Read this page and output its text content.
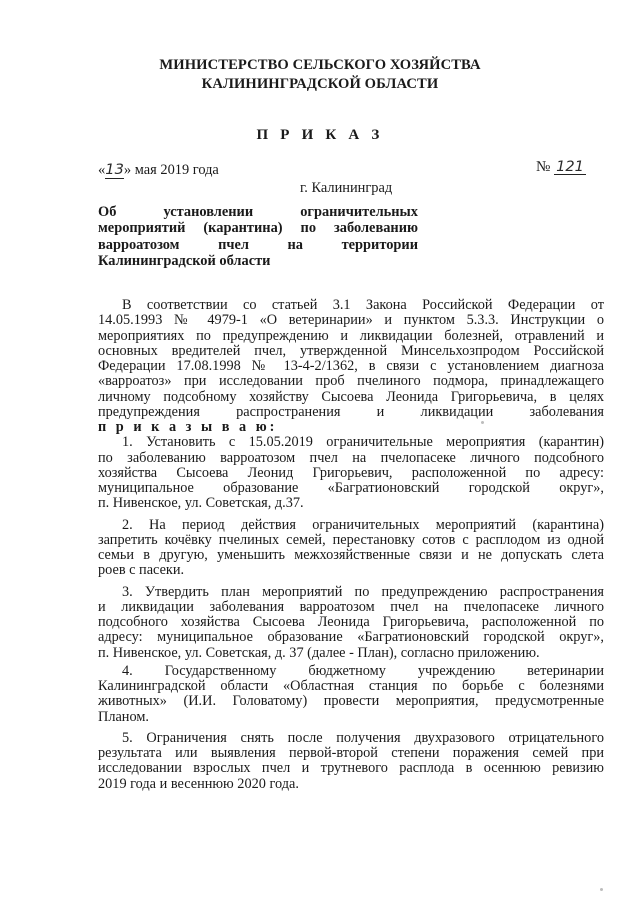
МИНИСТЕРСТВО СЕЛЬСКОГО ХОЗЯЙСТВА
КАЛИНИНГРАДСКОЙ ОБЛАСТИ
П Р И К А З
«13» мая 2019 года	№ 121
г. Калининград
Об установлении ограничительных
мероприятий (карантина) по заболеванию
варроатозом пчел на территории
Калининградской области
В соответствии со статьей 3.1 Закона Российской Федерации от
14.05.1993 № 4979-1 «О ветеринарии» и пунктом 5.3.3. Инструкции о
мероприятиях по предупреждению и ликвидации болезней, отравлений и
основных вредителей пчел, утвержденной Минсельхозпродом Российской
Федерации 17.08.1998 № 13-4-2/1362, в связи с установлением диагноза
«варроатоз» при исследовании проб пчелиного подмора, принадлежащего
личному подсобному хозяйству Сысоева Леонида Григорьевича, в целях
предупреждения распространения и ликвидации заболевания
п р и к а з ы в а ю:
1. Установить с 15.05.2019 ограничительные мероприятия (карантин)
по заболеванию варроатозом пчел на пчелопасеке личного подсобного
хозяйства Сысоева Леонид Григорьевич, расположенной по адресу:
муниципальное образование «Багратионовский городской округ»,
п. Нивенское, ул. Советская, д.37.
2. На период действия ограничительных мероприятий (карантина)
запретить кочёвку пчелиных семей, перестановку сотов с расплодом из одной
семьи в другую, уменьшить межхозяйственные связи и не допускать слета
роев с пасеки.
3. Утвердить план мероприятий по предупреждению распространения
и ликвидации заболевания варроатозом пчел на пчелопасеке личного
подсобного хозяйства Сысоева Леонида Григорьевича, расположенной по
адресу: муниципальное образование «Багратионовский городской округ»,
п. Нивенское, ул. Советская, д. 37 (далее - План), согласно приложению.
4. Государственному бюджетному учреждению ветеринарии
Калининградской области «Областная станция по борьбе с болезнями
животных» (И.И. Головатому) провести мероприятия, предусмотренные
Планом.
5. Ограничения снять после получения двухразового отрицательного
результата или выявления первой-второй степени поражения семей при
исследовании взрослых пчел и трутневого расплода в осеннюю ревизию
2019 года и весеннюю 2020 года.
